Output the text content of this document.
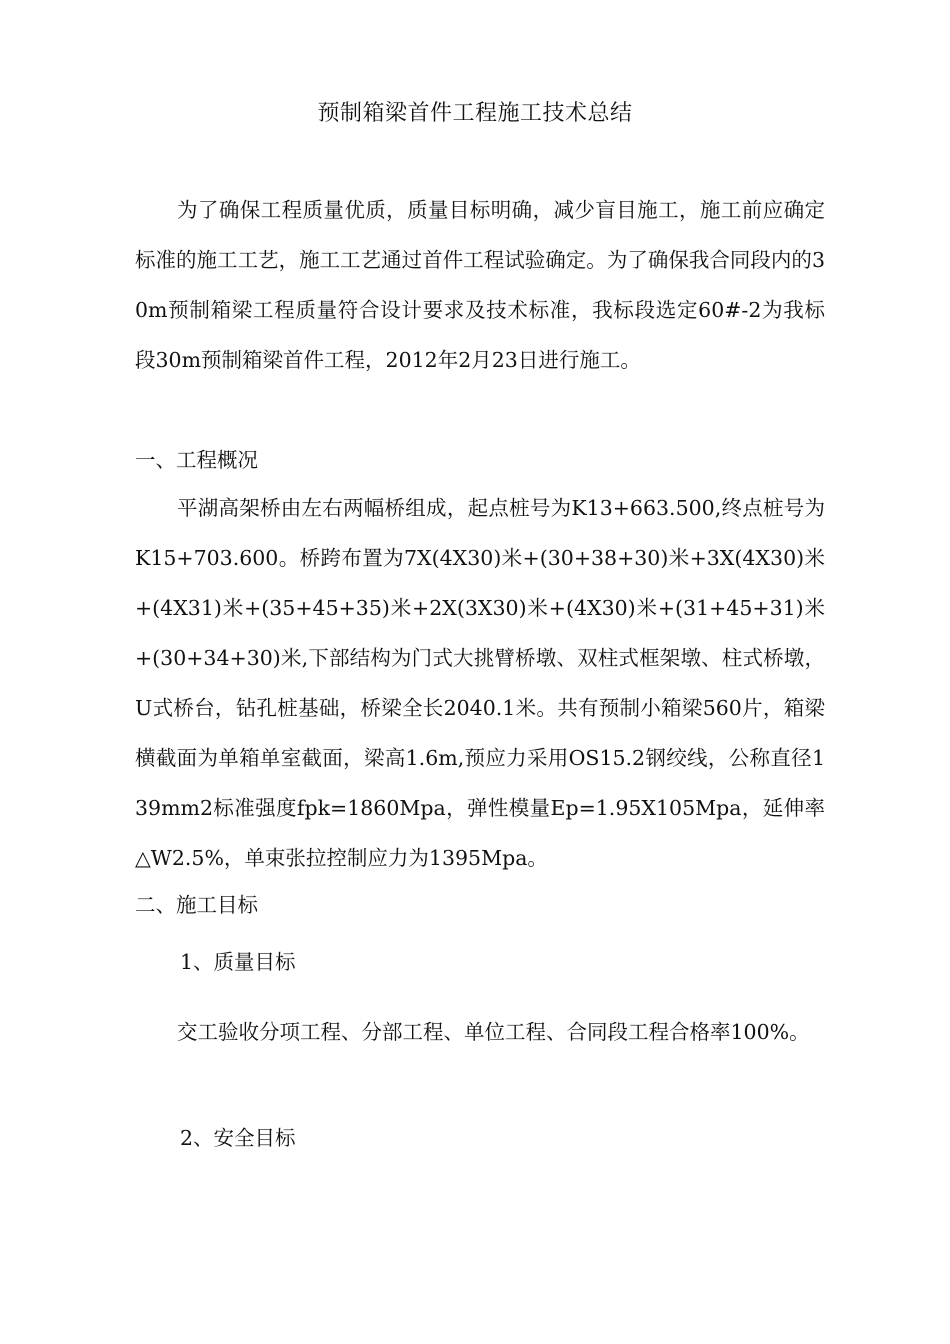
预制箱梁首件工程施工技术总结

为了确保工程质量优质，质量目标明确，减少盲目施工，施工前应确定标准的施工工艺，施工工艺通过首件工程试验确定。为了确保我合同段内的30m预制箱梁工程质量符合设计要求及技术标准，我标段选定60#-2为我标段30m预制箱梁首件工程，2012年2月23日进行施工。

一、工程概况

平湖高架桥由左右两幅桥组成，起点桩号为K13+663.500,终点桩号为K15+703.600。桥跨布置为7X(4X30)米+(30+38+30)米+3X(4X30)米+(4X31)米+(35+45+35)米+2X(3X30)米+(4X30)米+(31+45+31)米+(30+34+30)米,下部结构为门式大挑臂桥墩、双柱式框架墩、柱式桥墩，U式桥台，钻孔桩基础，桥梁全长2040.1米。共有预制小箱梁560片，箱梁横截面为单箱单室截面，梁高1.6m,预应力采用OS15.2钢绞线，公称直径139mm2标准强度fpk=1860Mpa，弹性模量Ep=1.95X105Mpa，延伸率△W2.5%，单束张拉控制应力为1395Mpa。

二、施工目标

1、质量目标

交工验收分项工程、分部工程、单位工程、合同段工程合格率100%。

2、安全目标
